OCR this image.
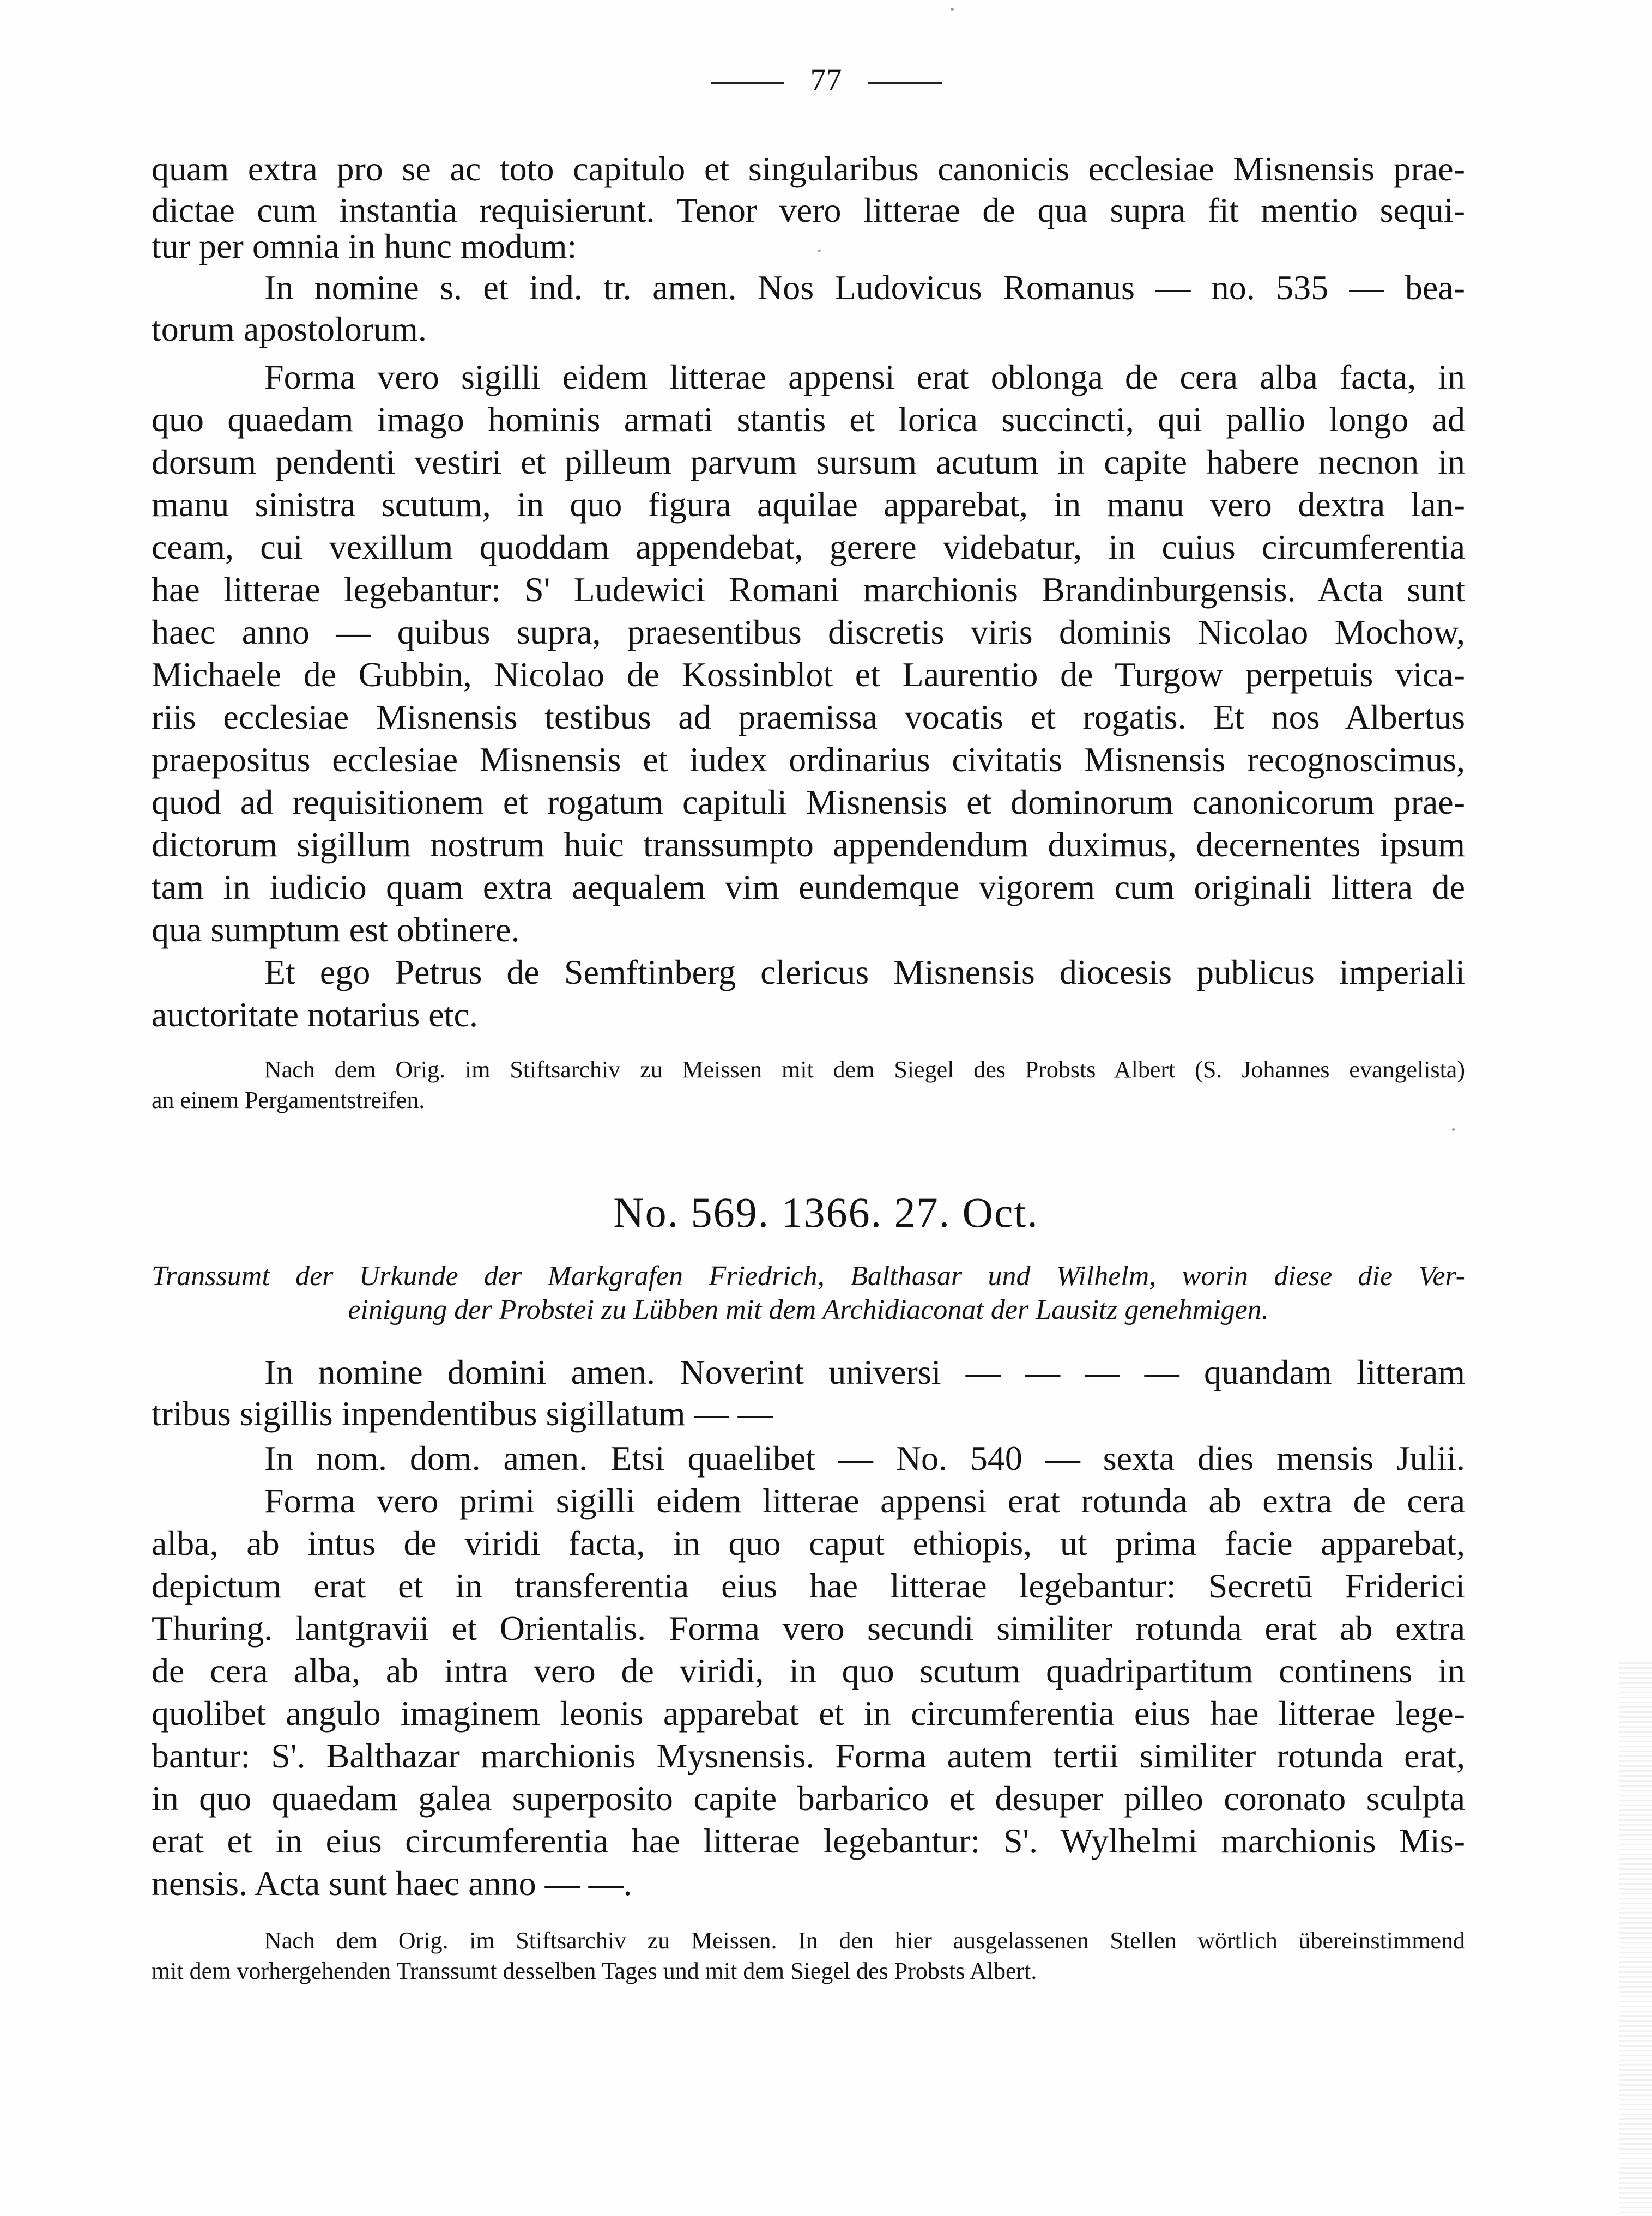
77
quam extra pro se ac toto capitulo et singularibus canonicis ecclesiae Misnensis prae-
dictae cum instantia requisierunt. Tenor vero litterae de qua supra fit mentio sequi-
tur per omnia in hunc modum:
In nomine s. et ind. tr. amen. Nos Ludovicus Romanus — no. 535 — bea-
torum apostolorum.
Forma vero sigilli eidem litterae appensi erat oblonga de cera alba facta, in
quo quaedam imago hominis armati stantis et lorica succincti, qui pallio longo ad
dorsum pendenti vestiri et pilleum parvum sursum acutum in capite habere necnon in
manu sinistra scutum, in quo figura aquilae apparebat, in manu vero dextra lan-
ceam, cui vexillum quoddam appendebat, gerere videbatur, in cuius circumferentia
hae litterae legebantur: S' Ludewici Romani marchionis Brandinburgensis. Acta sunt
haec anno — quibus supra, praesentibus discretis viris dominis Nicolao Mochow,
Michaele de Gubbin, Nicolao de Kossinblot et Laurentio de Turgow perpetuis vica-
riis ecclesiae Misnensis testibus ad praemissa vocatis et rogatis. Et nos Albertus
praepositus ecclesiae Misnensis et iudex ordinarius civitatis Misnensis recognoscimus,
quod ad requisitionem et rogatum capituli Misnensis et dominorum canonicorum prae-
dictorum sigillum nostrum huic transsumpto appendendum duximus, decernentes ipsum
tam in iudicio quam extra aequalem vim eundemque vigorem cum originali littera de
qua sumptum est obtinere.
Et ego Petrus de Semftinberg clericus Misnensis diocesis publicus imperiali
auctoritate notarius etc.
Nach dem Orig. im Stiftsarchiv zu Meissen mit dem Siegel des Probsts Albert (S. Johannes evangelista)
an einem Pergamentstreifen.
No. 569. 1366. 27. Oct.
Transsumt der Urkunde der Markgrafen Friedrich, Balthasar und Wilhelm, worin diese die Ver-
einigung der Probstei zu Lübben mit dem Archidiaconat der Lausitz genehmigen.
In nomine domini amen. Noverint universi — — — — quandam litteram
tribus sigillis inpendentibus sigillatum — —
In nom. dom. amen. Etsi quaelibet — No. 540 — sexta dies mensis Julii.
Forma vero primi sigilli eidem litterae appensi erat rotunda ab extra de cera
alba, ab intus de viridi facta, in quo caput ethiopis, ut prima facie apparebat,
depictum erat et in transferentia eius hae litterae legebantur: Secretū Friderici
Thuring. lantgravii et Orientalis. Forma vero secundi similiter rotunda erat ab extra
de cera alba, ab intra vero de viridi, in quo scutum quadripartitum continens in
quolibet angulo imaginem leonis apparebat et in circumferentia eius hae litterae lege-
bantur: S'. Balthazar marchionis Mysnensis. Forma autem tertii similiter rotunda erat,
in quo quaedam galea superposito capite barbarico et desuper pilleo coronato sculpta
erat et in eius circumferentia hae litterae legebantur: S'. Wylhelmi marchionis Mis-
nensis. Acta sunt haec anno — —.
Nach dem Orig. im Stiftsarchiv zu Meissen. In den hier ausgelassenen Stellen wörtlich übereinstimmend
mit dem vorhergehenden Transsumt desselben Tages und mit dem Siegel des Probsts Albert.
